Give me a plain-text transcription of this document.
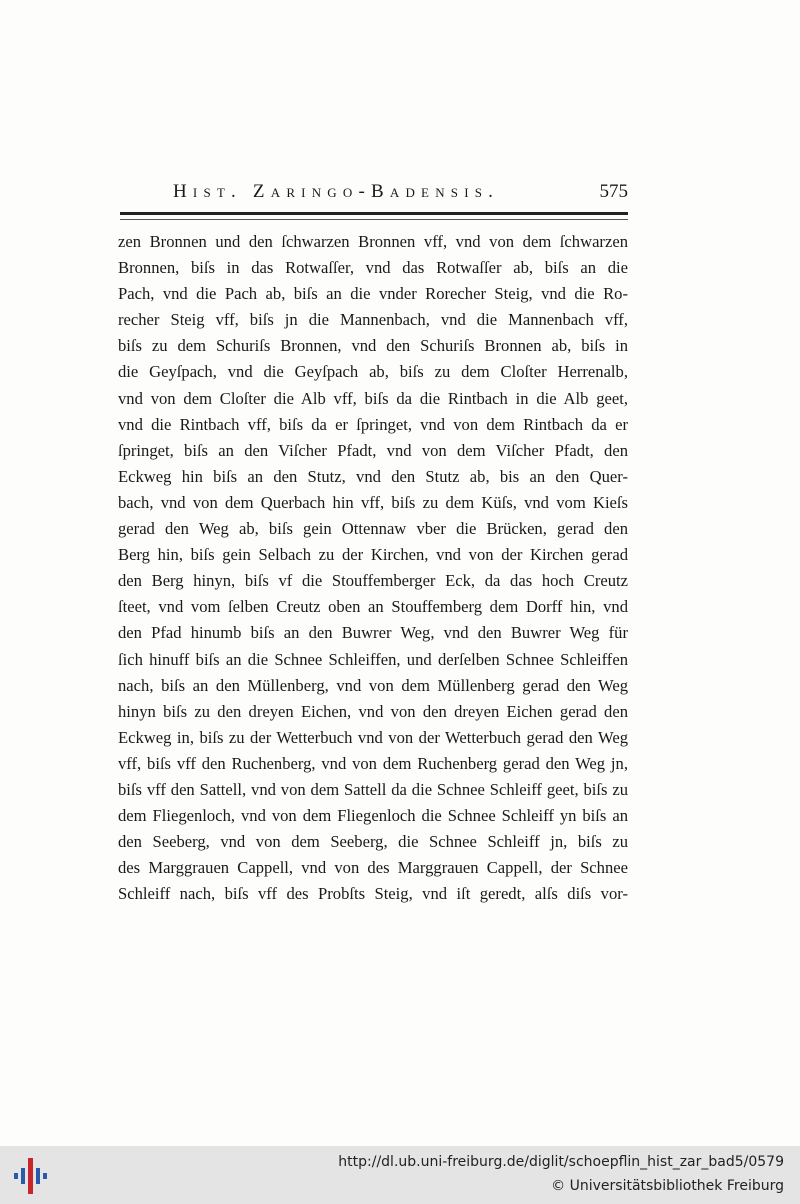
Hist. Zaringo-Badensis.	575
zen Bronnen und den ſchwarzen Bronnen vff, vnd von dem ſchwarzen
Bronnen, biſs in das Rotwaſſer, vnd das Rotwaſſer ab, biſs an die
Pach, vnd die Pach ab, biſs an die vnder Rorecher Steig, vnd die Ro-
recher Steig vff, biſs jn die Mannenbach, vnd die Mannenbach vff,
biſs zu dem Schuriſs Bronnen, vnd den Schuriſs Bronnen ab, biſs in
die Geyſpach, vnd die Geyſpach ab, biſs zu dem Cloſter Herrenalb,
vnd von dem Cloſter die Alb vff, biſs da die Rintbach in die Alb geet,
vnd die Rintbach vff, biſs da er ſpringet, vnd von dem Rintbach da er
ſpringet, biſs an den Viſcher Pfadt, vnd von dem Viſcher Pfadt, den
Eckweg hin biſs an den Stutz, vnd den Stutz ab, bis an den Quer-
bach, vnd von dem Querbach hin vff, biſs zu dem Küſs, vnd vom Kieſs
gerad den Weg ab, biſs gein Ottennaw vber die Brücken, gerad den
Berg hin, biſs gein Selbach zu der Kirchen, vnd von der Kirchen gerad
den Berg hinyn, biſs vf die Stouffemberger Eck, da das hoch Creutz
ſteet, vnd vom ſelben Creutz oben an Stouffemberg dem Dorff hin, vnd
den Pfad hinumb biſs an den Buwrer Weg, vnd den Buwrer Weg für
ſich hinuff biſs an die Schnee Schleiffen, und derſelben Schnee Schleiffen
nach, biſs an den Müllenberg, vnd von dem Müllenberg gerad den Weg
hinyn biſs zu den dreyen Eichen, vnd von den dreyen Eichen gerad den
Eckweg in, biſs zu der Wetterbuch vnd von der Wetterbuch gerad den Weg
vff, biſs vff den Ruchenberg, vnd von dem Ruchenberg gerad den Weg jn,
biſs vff den Sattell, vnd von dem Sattell da die Schnee Schleiff geet, biſs zu
dem Fliegenloch, vnd von dem Fliegenloch die Schnee Schleiff yn biſs an
den Seeberg, vnd von dem Seeberg, die Schnee Schleiff jn, biſs zu
des Marggrauen Cappell, vnd von des Marggrauen Cappell, der Schnee
Schleiff nach, biſs vff des Probſts Steig, vnd iſt geredt, alſs diſs vor-
http://dl.ub.uni-freiburg.de/diglit/schoepflin_hist_zar_bad5/0579
© Universitätsbibliothek Freiburg
